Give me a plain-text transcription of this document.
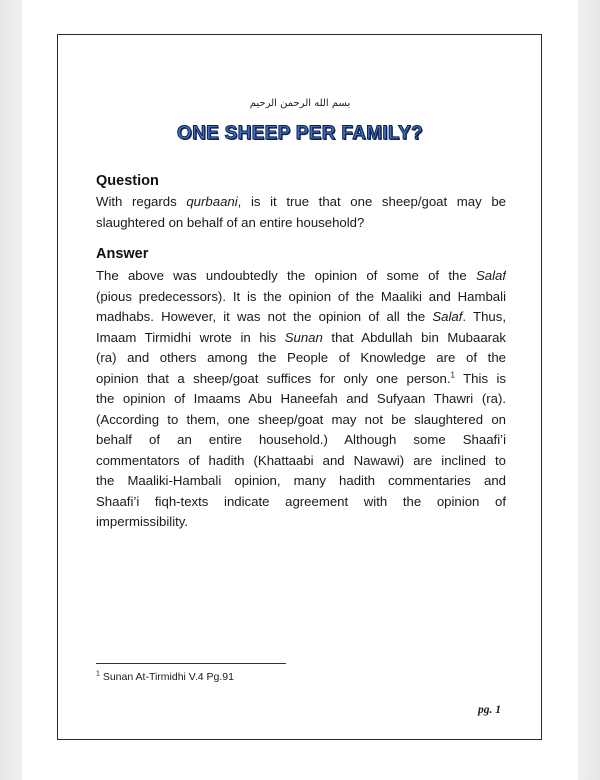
بسم الله الرحمن الرحيم
ONE SHEEP PER FAMILY?
Question
With regards qurbaani, is it true that one sheep/goat may be
slaughtered on behalf of an entire household?
Answer
The above was undoubtedly the opinion of some of the Salaf
(pious predecessors). It is the opinion of the Maaliki and Hambali
madhabs. However, it was not the opinion of all the Salaf. Thus,
Imaam Tirmidhi wrote in his Sunan that Abdullah bin Mubaarak
(ra) and others among the People of Knowledge are of the
opinion that a sheep/goat suffices for only one person.$^1$ This is
the opinion of Imaams Abu Haneefah and Sufyaan Thawri (ra).
(According to them, one sheep/goat may not be slaughtered on
behalf of an entire household.) Although some Shaafi’i
commentators of hadith (Khattaabi and Nawawi) are inclined to
the Maaliki-Hambali opinion, many hadith commentaries and
Shaafi’i fiqh-texts indicate agreement with the opinion of
impermissibility.
$^1$ Sunan At-Tirmidhi V.4 Pg.91
pg. 1
